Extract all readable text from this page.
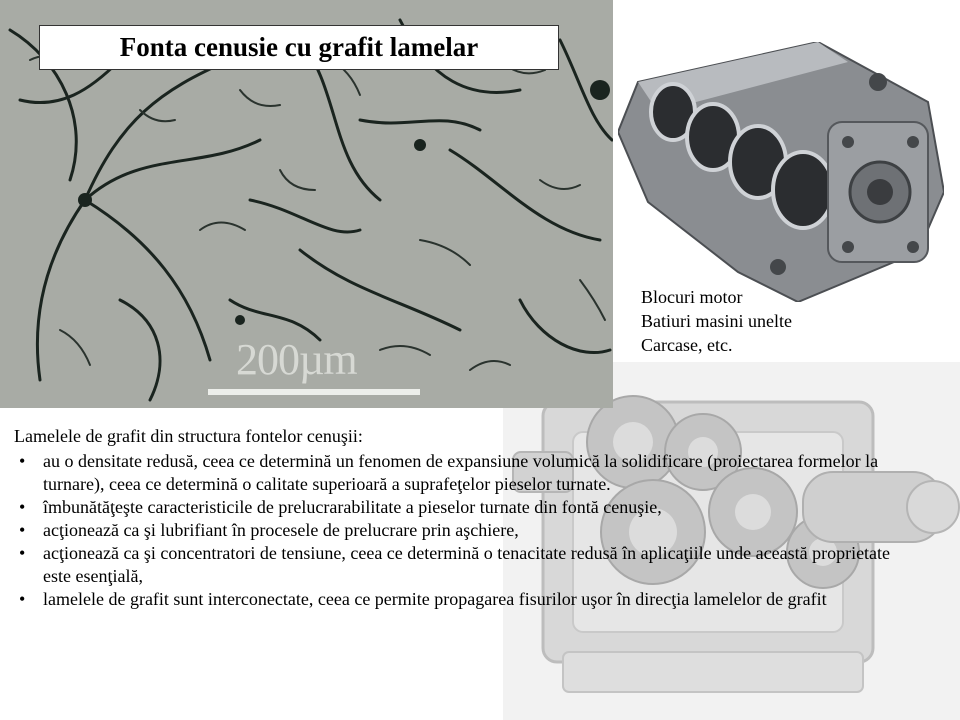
200µm
Fonta cenusie cu grafit lamelar
Blocuri motor
Batiuri masini unelte
Carcase, etc.

Lamelele de grafit din structura fontelor cenuşii:

• au o densitate redusă, ceea ce determină un fenomen de expansiune volumică la solidificare (proiectarea formelor la turnare), ceea ce determină o calitate superioară a suprafeţelor pieselor turnate.
• îmbunătăţeşte caracteristicile de prelucrarabilitate a pieselor turnate din fontă cenuşie,
• acţionează ca şi lubrifiant în procesele de prelucrare prin aşchiere,
• acţionează ca şi concentratori de tensiune, ceea ce determină o tenacitate redusă în aplicaţiile unde această proprietate este esenţială,
• lamelele de grafit sunt interconectate, ceea ce permite propagarea fisurilor uşor în direcţia lamelelor de grafit
